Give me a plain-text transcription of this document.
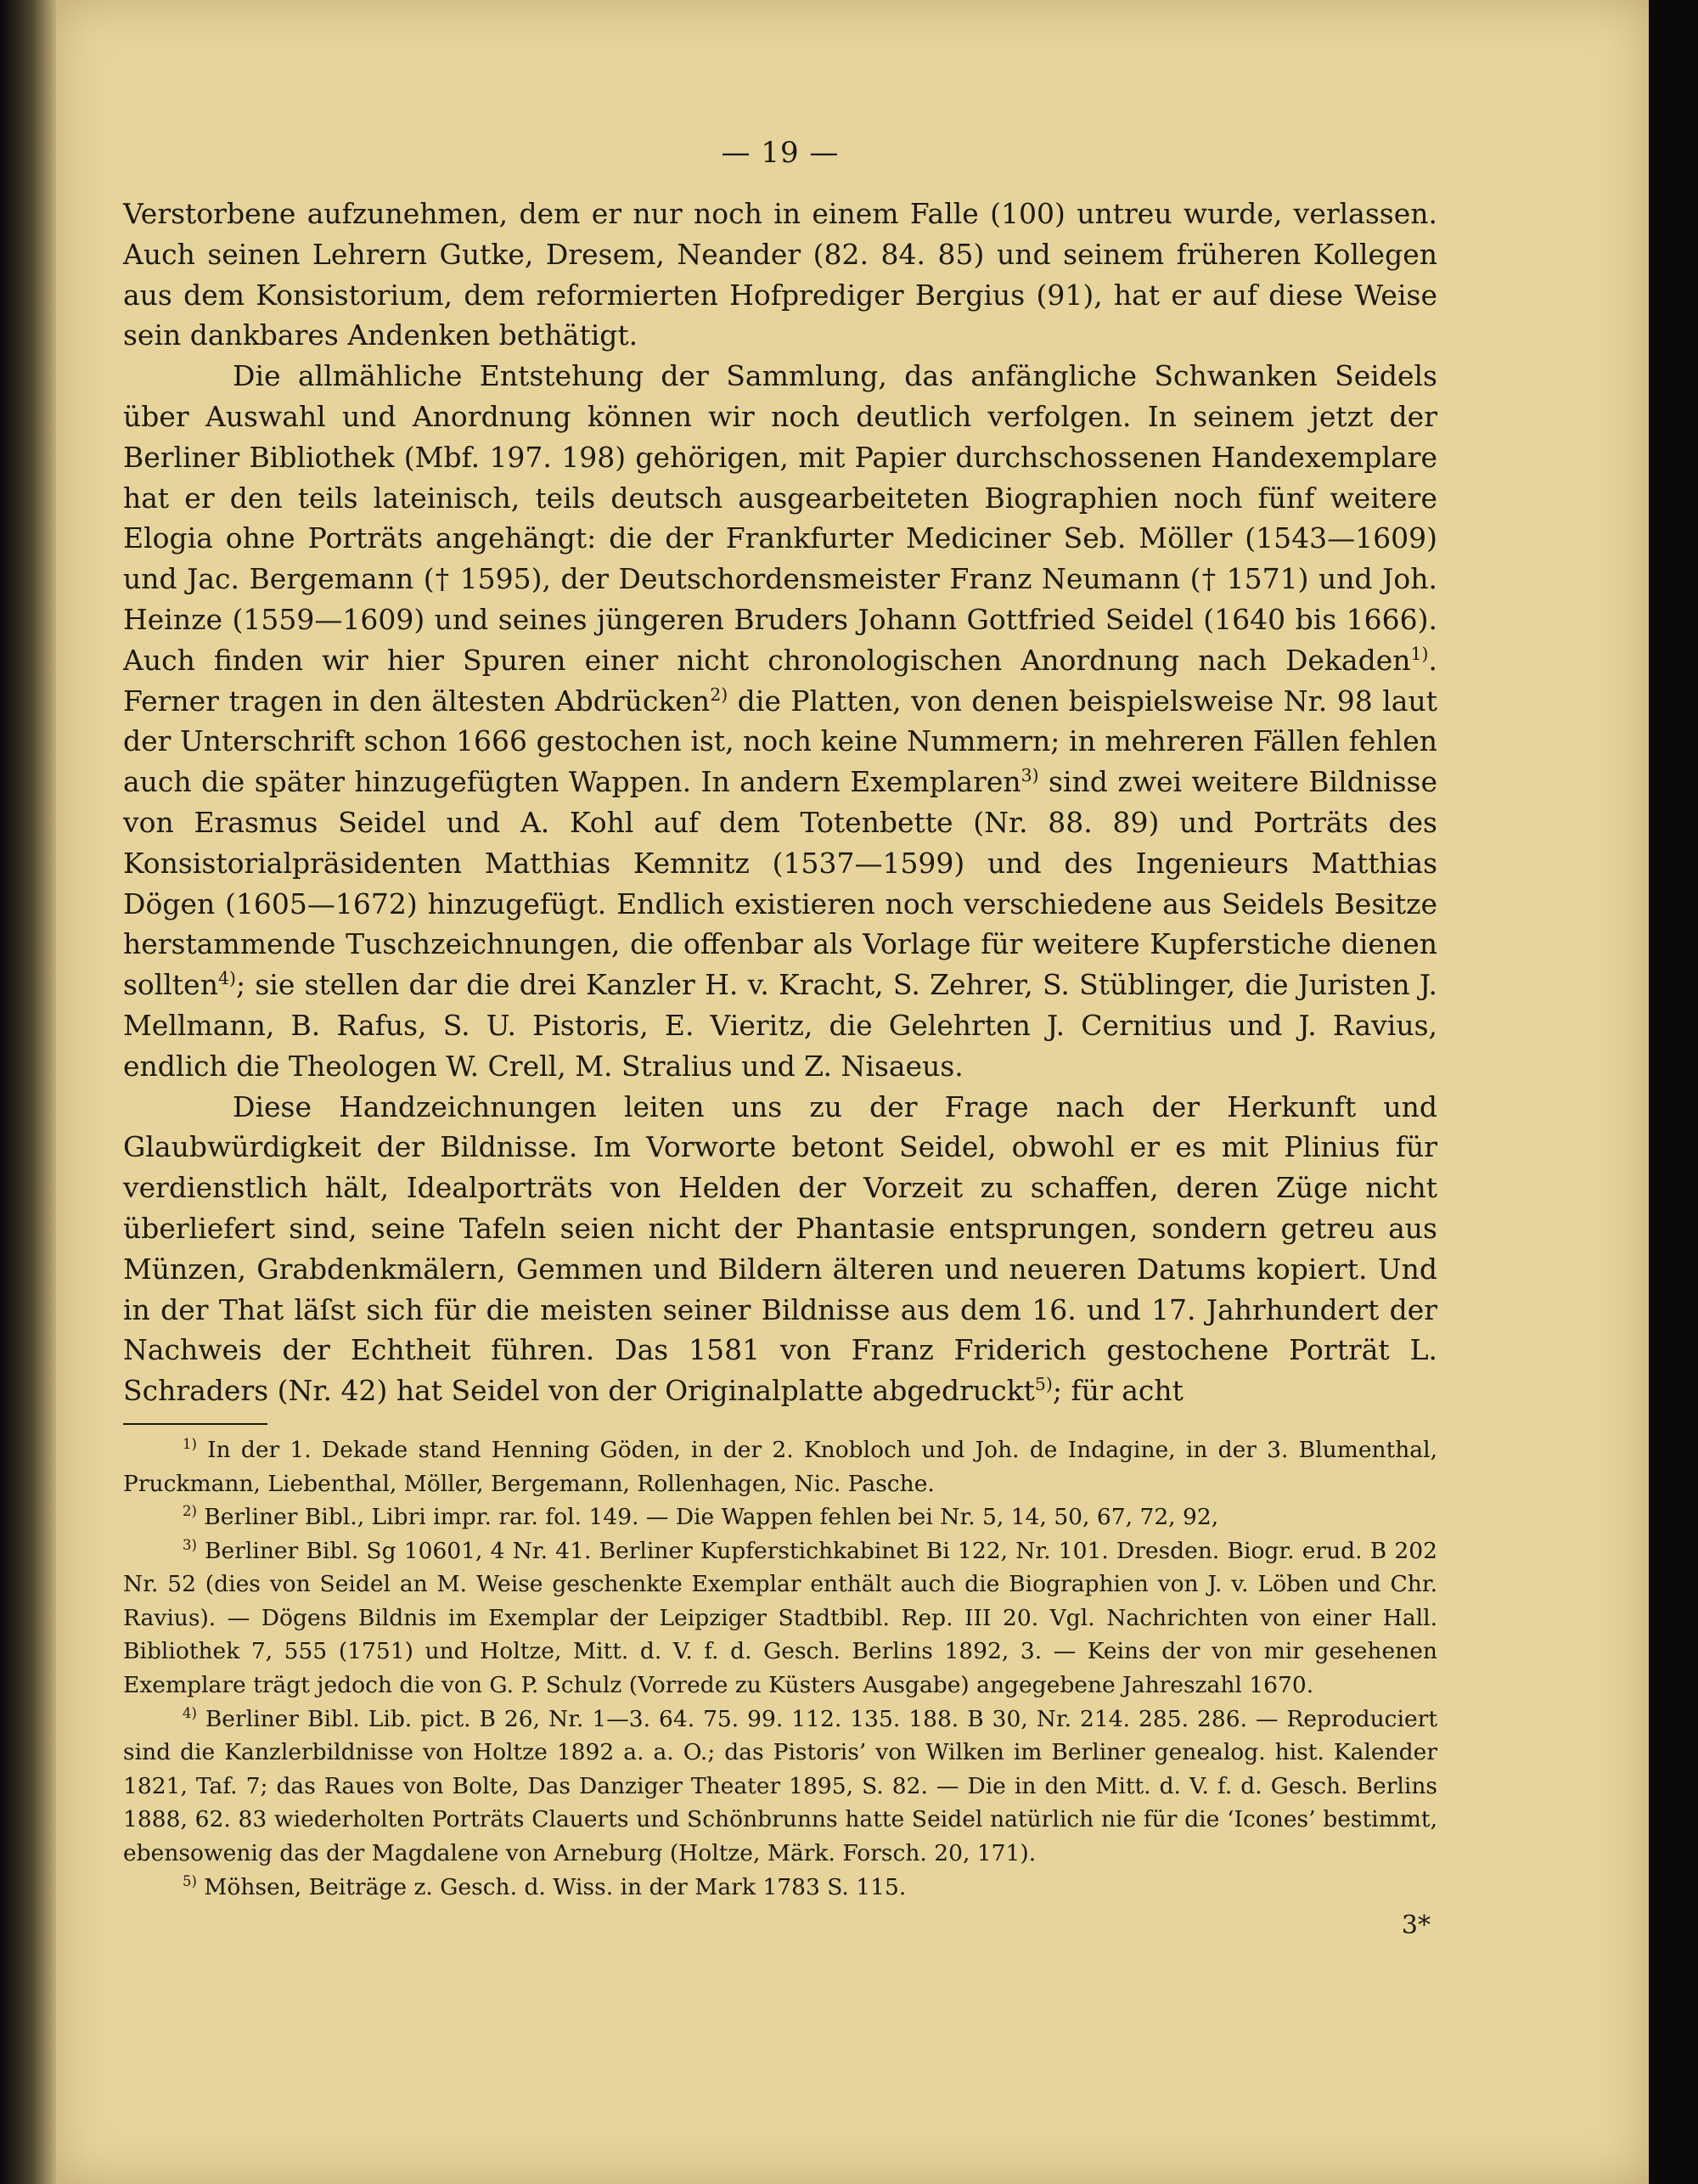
— 19 —

Verstorbene aufzunehmen, dem er nur noch in einem Falle (100) untreu wurde, verlassen. Auch seinen Lehrern Gutke, Dresem, Neander (82. 84. 85) und seinem früheren Kollegen aus dem Konsistorium, dem reformierten Hofprediger Bergius (91), hat er auf diese Weise sein dankbares Andenken bethätigt.

Die allmähliche Entstehung der Sammlung, das anfängliche Schwanken Seidels über Auswahl und Anordnung können wir noch deutlich verfolgen. In seinem jetzt der Berliner Bibliothek (Mbf. 197. 198) gehörigen, mit Papier durchschossenen Handexemplare hat er den teils lateinisch, teils deutsch ausgearbeiteten Biographien noch fünf weitere Elogia ohne Porträts angehängt: die der Frankfurter Mediciner Seb. Möller (1543—1609) und Jac. Bergemann († 1595), der Deutschordensmeister Franz Neumann († 1571) und Joh. Heinze (1559—1609) und seines jüngeren Bruders Johann Gottfried Seidel (1640 bis 1666). Auch finden wir hier Spuren einer nicht chronologischen Anordnung nach Dekaden$^{1)}$. Ferner tragen in den ältesten Abdrücken$^{2)}$ die Platten, von denen beispielsweise Nr. 98 laut der Unterschrift schon 1666 gestochen ist, noch keine Nummern; in mehreren Fällen fehlen auch die später hinzugefügten Wappen. In andern Exemplaren$^{3)}$ sind zwei weitere Bildnisse von Erasmus Seidel und A. Kohl auf dem Totenbette (Nr. 88. 89) und Porträts des Konsistorialpräsidenten Matthias Kemnitz (1537—1599) und des Ingenieurs Matthias Dögen (1605—1672) hinzugefügt. Endlich existieren noch verschiedene aus Seidels Besitze herstammende Tuschzeichnungen, die offenbar als Vorlage für weitere Kupferstiche dienen sollten$^{4)}$; sie stellen dar die drei Kanzler H. v. Kracht, S. Zehrer, S. Stüblinger, die Juristen J. Mellmann, B. Rafus, S. U. Pistoris, E. Vieritz, die Gelehrten J. Cernitius und J. Ravius, endlich die Theologen W. Crell, M. Stralius und Z. Nisaeus.

Diese Handzeichnungen leiten uns zu der Frage nach der Herkunft und Glaubwürdigkeit der Bildnisse. Im Vorworte betont Seidel, obwohl er es mit Plinius für verdienstlich hält, Idealporträts von Helden der Vorzeit zu schaffen, deren Züge nicht überliefert sind, seine Tafeln seien nicht der Phantasie entsprungen, sondern getreu aus Münzen, Grabdenkmälern, Gemmen und Bildern älteren und neueren Datums kopiert. Und in der That läſst sich für die meisten seiner Bildnisse aus dem 16. und 17. Jahrhundert der Nachweis der Echtheit führen. Das 1581 von Franz Friderich gestochene Porträt L. Schraders (Nr. 42) hat Seidel von der Originalplatte abgedruckt$^{5)}$; für acht

$^{1)}$ In der 1. Dekade stand Henning Göden, in der 2. Knobloch und Joh. de Indagine, in der 3. Blumenthal, Pruckmann, Liebenthal, Möller, Bergemann, Rollenhagen, Nic. Pasche.

$^{2)}$ Berliner Bibl., Libri impr. rar. fol. 149. — Die Wappen fehlen bei Nr. 5, 14, 50, 67, 72, 92,

$^{3)}$ Berliner Bibl. Sg 10601, 4 Nr. 41. Berliner Kupferstichkabinet Bi 122, Nr. 101. Dresden. Biogr. erud. B 202 Nr. 52 (dies von Seidel an M. Weise geschenkte Exemplar enthält auch die Biographien von J. v. Löben und Chr. Ravius). — Dögens Bildnis im Exemplar der Leipziger Stadtbibl. Rep. III 20. Vgl. Nachrichten von einer Hall. Bibliothek 7, 555 (1751) und Holtze, Mitt. d. V. f. d. Gesch. Berlins 1892, 3. — Keins der von mir gesehenen Exemplare trägt jedoch die von G. P. Schulz (Vorrede zu Küsters Ausgabe) angegebene Jahreszahl 1670.

$^{4)}$ Berliner Bibl. Lib. pict. B 26, Nr. 1—3. 64. 75. 99. 112. 135. 188. B 30, Nr. 214. 285. 286. — Reproduciert sind die Kanzlerbildnisse von Holtze 1892 a. a. O.; das Pistoris’ von Wilken im Berliner genealog. hist. Kalender 1821, Taf. 7; das Raues von Bolte, Das Danziger Theater 1895, S. 82. — Die in den Mitt. d. V. f. d. Gesch. Berlins 1888, 62. 83 wiederholten Porträts Clauerts und Schönbrunns hatte Seidel natürlich nie für die ‘Icones’ bestimmt, ebensowenig das der Magdalene von Arneburg (Holtze, Märk. Forsch. 20, 171).

$^{5)}$ Möhsen, Beiträge z. Gesch. d. Wiss. in der Mark 1783 S. 115.

3*
